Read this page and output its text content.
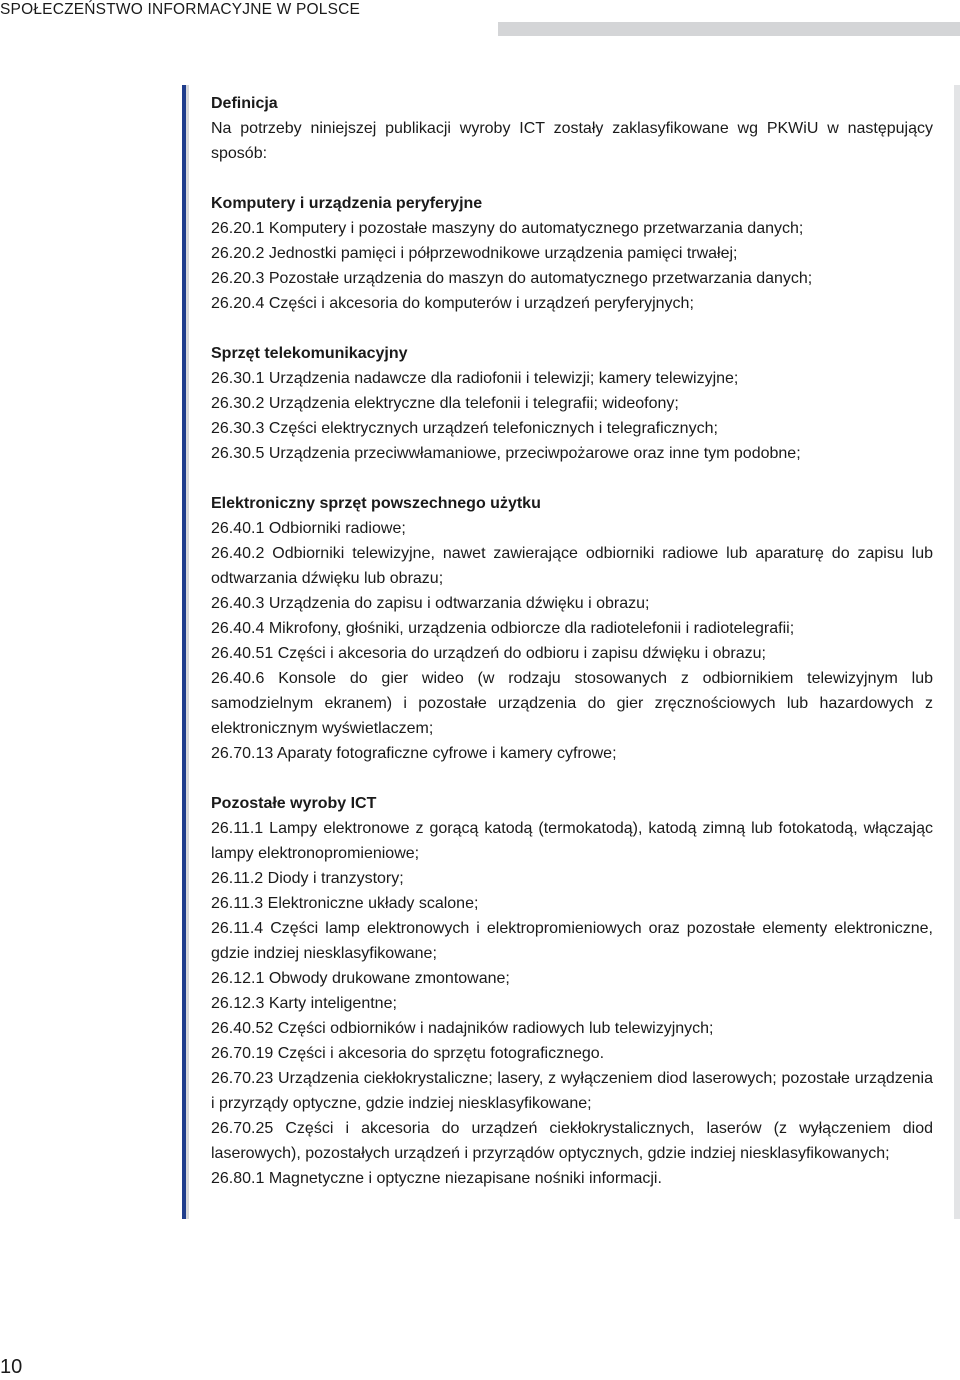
SPOŁECZEŃSTWO INFORMACYJNE W POLSCE

Definicja

Na potrzeby niniejszej publikacji wyroby ICT zostały zaklasyfikowane wg PKWiU w następujący sposób:

Komputery i urządzenia peryferyjne

26.20.1 Komputery i pozostałe maszyny do automatycznego przetwarzania danych;

26.20.2 Jednostki pamięci i półprzewodnikowe urządzenia pamięci trwałej;

26.20.3 Pozostałe urządzenia do maszyn do automatycznego przetwarzania danych;

26.20.4 Części i akcesoria do komputerów i urządzeń peryferyjnych;

Sprzęt telekomunikacyjny

26.30.1 Urządzenia nadawcze dla radiofonii i telewizji; kamery telewizyjne;

26.30.2 Urządzenia elektryczne dla telefonii i telegrafii; wideofony;

26.30.3 Części elektrycznych urządzeń telefonicznych i telegraficznych;

26.30.5 Urządzenia przeciwwłamaniowe, przeciwpożarowe oraz inne tym podobne;

Elektroniczny sprzęt powszechnego użytku

26.40.1 Odbiorniki radiowe;

26.40.2 Odbiorniki telewizyjne, nawet zawierające odbiorniki radiowe lub aparaturę do zapisu lub odtwarzania dźwięku lub obrazu;

26.40.3 Urządzenia do zapisu i odtwarzania dźwięku i obrazu;

26.40.4 Mikrofony, głośniki, urządzenia odbiorcze dla radiotelefonii i radiotelegrafii;

26.40.51 Części i akcesoria do urządzeń do odbioru i zapisu dźwięku i obrazu;

26.40.6 Konsole do gier wideo (w rodzaju stosowanych z odbiornikiem telewizyjnym lub samodzielnym ekranem) i pozostałe urządzenia do gier zręcznościowych lub hazardowych z elektronicznym wyświetlaczem;

26.70.13 Aparaty fotograficzne cyfrowe i kamery cyfrowe;

Pozostałe wyroby ICT

26.11.1 Lampy elektronowe z gorącą katodą (termokatodą), katodą zimną lub fotokatodą, włączając lampy elektronopromieniowe;

26.11.2 Diody i tranzystory;

26.11.3 Elektroniczne układy scalone;

26.11.4 Części lamp elektronowych i elektropromieniowych oraz pozostałe elementy elektroniczne, gdzie indziej niesklasyfikowane;

26.12.1 Obwody drukowane zmontowane;

26.12.3 Karty inteligentne;

26.40.52 Części odbiorników i nadajników radiowych lub telewizyjnych;

26.70.19 Części i akcesoria do sprzętu fotograficznego.

26.70.23 Urządzenia ciekłokrystaliczne; lasery, z wyłączeniem diod laserowych; pozostałe urządzenia i przyrządy optyczne, gdzie indziej niesklasyfikowane;

26.70.25 Części i akcesoria do urządzeń ciekłokrystalicznych, laserów (z wyłączeniem diod laserowych), pozostałych urządzeń i przyrządów optycznych, gdzie indziej niesklasyfikowanych;

26.80.1 Magnetyczne i optyczne niezapisane nośniki informacji.

10
